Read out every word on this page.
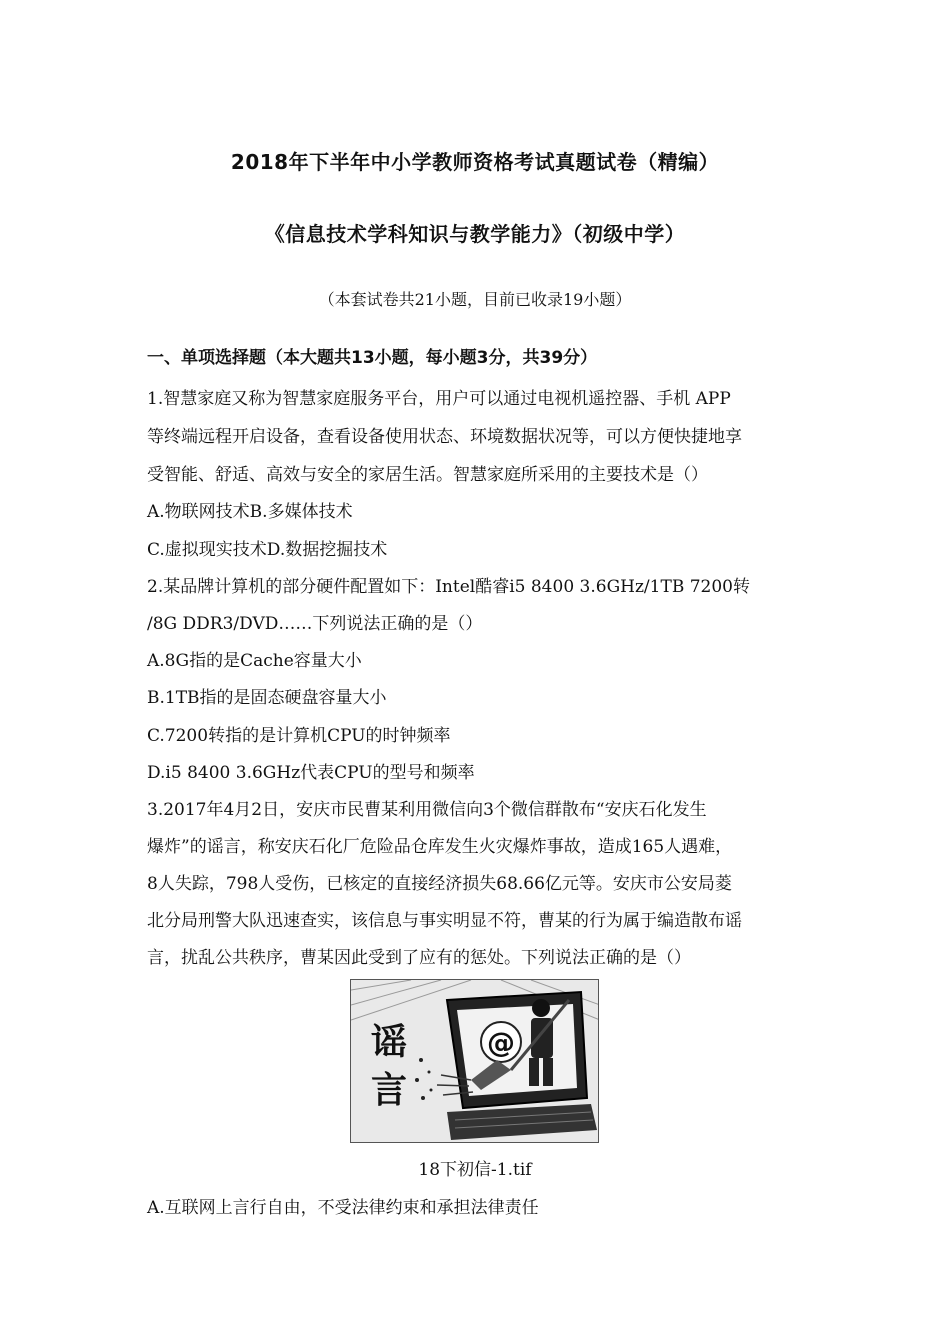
2018年下半年中小学教师资格考试真题试卷（精编）
《信息技术学科知识与教学能力》（初级中学）
（本套试卷共21小题，目前已收录19小题）
一、单项选择题（本大题共13小题，每小题3分，共39分）
1.智慧家庭又称为智慧家庭服务平台，用户可以通过电视机遥控器、手机 APP
等终端远程开启设备，查看设备使用状态、环境数据状况等，可以方便快捷地享
受智能、舒适、高效与安全的家居生活。智慧家庭所采用的主要技术是（）
A.物联网技术B.多媒体技术
C.虚拟现实技术D.数据挖掘技术
2.某品牌计算机的部分硬件配置如下：Intel酷睿i5 8400 3.6GHz/1TB 7200转
/8G DDR3/DVD……下列说法正确的是（）
A.8G指的是Cache容量大小
B.1TB指的是固态硬盘容量大小
C.7200转指的是计算机CPU的时钟频率
D.i5 8400 3.6GHz代表CPU的型号和频率
3.2017年4月2日，安庆市民曹某利用微信向3个微信群散布“安庆石化发生
爆炸”的谣言，称安庆石化厂危险品仓库发生火灾爆炸事故，造成165人遇难，
8人失踪，798人受伤，已核定的直接经济损失68.66亿元等。安庆市公安局菱
北分局刑警大队迅速查实，该信息与事实明显不符，曹某的行为属于编造散布谣
言，扰乱公共秩序，曹某因此受到了应有的惩处。下列说法正确的是（）
@
谣
言
18下初信-1.tif
A.互联网上言行自由，不受法律约束和承担法律责任
